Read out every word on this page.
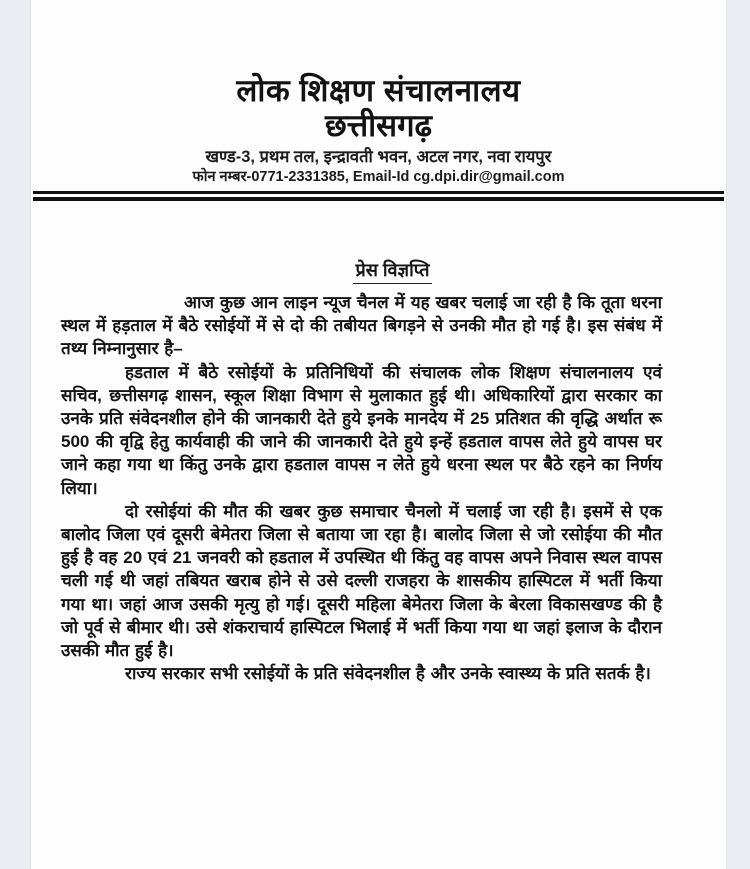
लोक शिक्षण संचालनालय
छत्तीसगढ़
खण्ड-3, प्रथम तल, इन्द्रावती भवन, अटल नगर, नवा रायपुर
फोन नम्बर-0771-2331385, Email-Id cg.dpi.dir@gmail.com
प्रेस विज्ञप्ति

आज कुछ आन लाइन न्यूज चैनल में यह खबर चलाई जा रही है कि तूता धरना स्थल में हड़ताल में बैठे रसोईयों में से दो की तबीयत बिगड़ने से उनकी मौत हो गई है। इस संबंध में तथ्य निम्नानुसार है–

हडताल में बैठे रसोईयों के प्रतिनिधियों की संचालक लोक शिक्षण संचालनालय एवं सचिव, छत्तीसगढ़ शासन, स्कूल शिक्षा विभाग से मुलाकात हुई थी। अधिकारियों द्वारा सरकार का उनके प्रति संवेदनशील होने की जानकारी देते हुये इनके मानदेय में 25 प्रतिशत की वृद्धि अर्थात रू 500 की वृद्वि हेतु कार्यवाही की जाने की जानकारी देते हुये इन्हें हडताल वापस लेते हुये वापस घर जाने कहा गया था किंतु उनके द्वारा हडताल वापस न लेते हुये धरना स्थल पर बैठे रहने का निर्णय लिया।

दो रसोईयां की मौत की खबर कुछ समाचार चैनलो में चलाई जा रही है। इसमें से एक बालोद जिला एवं दूसरी बेमेतरा जिला से बताया जा रहा है। बालोद जिला से जो रसोईया की मौत हुई है वह 20 एवं 21 जनवरी को हडताल में उपस्थित थी किंतु वह वापस अपने निवास स्थल वापस चली गई थी जहां तबियत खराब होने से उसे दल्ली राजहरा के शासकीय हास्पिटल में भर्ती किया गया था। जहां आज उसकी मृत्यु हो गई। दूसरी महिला बेमेतरा जिला के बेरला विकासखण्ड की है जो पूर्व से बीमार थी। उसे शंकराचार्य हास्पिटल भिलाई में भर्ती किया गया था जहां इलाज के दौरान उसकी मौत हुई है।

राज्य सरकार सभी रसोईयों के प्रति संवेदनशील है और उनके स्वास्थ्य के प्रति सतर्क है।
